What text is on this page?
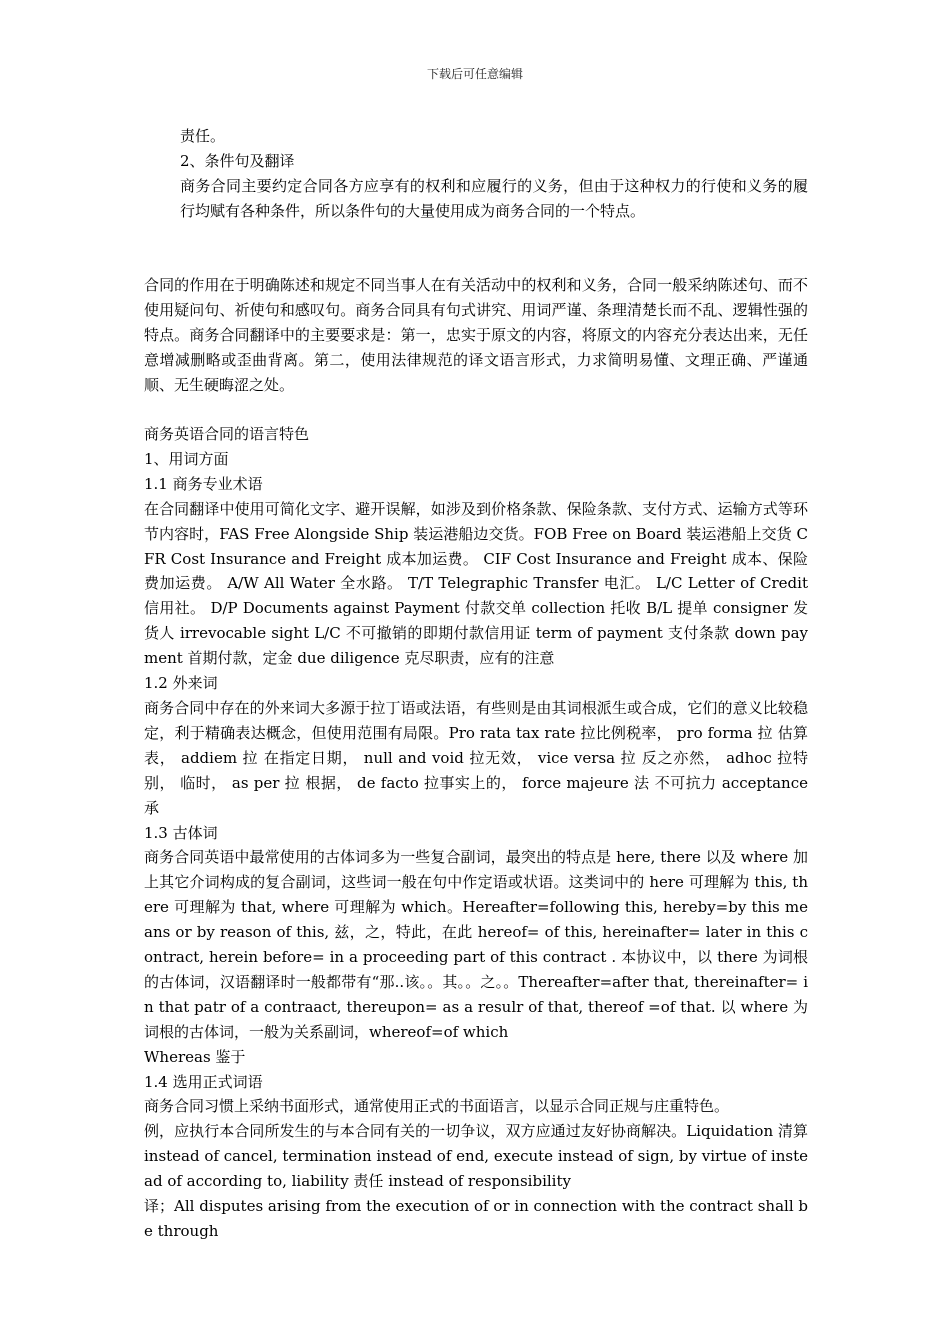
下载后可任意编辑
责任。
2、条件句及翻译

商务合同主要约定合同各方应享有的权利和应履行的义务，但由于这种权力的行使和义务的履行均赋有各种条件，所以条件句的大量使用成为商务合同的一个特点。

合同的作用在于明确陈述和规定不同当事人在有关活动中的权利和义务，合同一般采纳陈述句、而不使用疑问句、祈使句和感叹句。商务合同具有句式讲究、用词严谨、条理清楚长而不乱、逻辑性强的特点。商务合同翻译中的主要要求是：第一，忠实于原文的内容，将原文的内容充分表达出来，无任意增减删略或歪曲背离。第二，使用法律规范的译文语言形式，力求简明易懂、文理正确、严谨通顺、无生硬晦涩之处。

商务英语合同的语言特色
1、用词方面
1.1 商务专业术语

在合同翻译中使用可简化文字、避开误解，如涉及到价格条款、保险条款、支付方式、运输方式等环节内容时，FAS Free Alongside Ship 装运港船边交货。FOB Free on Board 装运港船上交货 CFR Cost Insurance and Freight 成本加运费。 CIF Cost Insurance and Freight 成本、保险费加运费。 A/W All Water 全水路。 T/T Telegraphic Transfer 电汇。 L/C Letter of Credit 信用社。 D/P Documents against Payment 付款交单 collection 托收 B/L 提单 consigner 发货人 irrevocable sight L/C 不可撤销的即期付款信用证 term of payment 支付条款 down payment 首期付款，定金 due diligence 克尽职责，应有的注意

1.2 外来词

商务合同中存在的外来词大多源于拉丁语或法语，有些则是由其词根派生或合成，它们的意义比较稳定，利于精确表达概念，但使用范围有局限。Pro rata tax rate 拉比例税率， pro forma 拉 估算表， addiem 拉 在指定日期， null and void 拉无效， vice versa 拉 反之亦然， adhoc 拉特别， 临时， as per 拉 根据， de facto 拉事实上的， force majeure 法 不可抗力 acceptance 承

1.3 古体词

商务合同英语中最常使用的古体词多为一些复合副词，最突出的特点是 here, there 以及 where 加上其它介词构成的复合副词，这些词一般在句中作定语或状语。这类词中的 here 可理解为 this, there 可理解为 that, where 可理解为 which。Hereafter=following this, hereby=by this means or by reason of this, 兹，之，特此，在此 hereof= of this, hereinafter= later in this contract, herein before= in a proceeding part of this contract . 本协议中，以 there 为词根的古体词，汉语翻译时一般都带有“那..该。。其。。之。。Thereafter=after that, thereinafter= in that patr of a contraact, thereupon= as a resulr of that, thereof =of that. 以 where 为词根的古体词，一般为关系副词，whereof=of which

Whereas 鉴于
1.4 选用正式词语

商务合同习惯上采纳书面形式，通常使用正式的书面语言，以显示合同正规与庄重特色。

例，应执行本合同所发生的与本合同有关的一切争议，双方应通过友好协商解决。Liquidation 清算 instead of cancel, termination instead of end, execute instead of sign, by virtue of instead of according to, liability 责任 instead of responsibility

译；All disputes arising from the execution of or in connection with the contract shall be through
